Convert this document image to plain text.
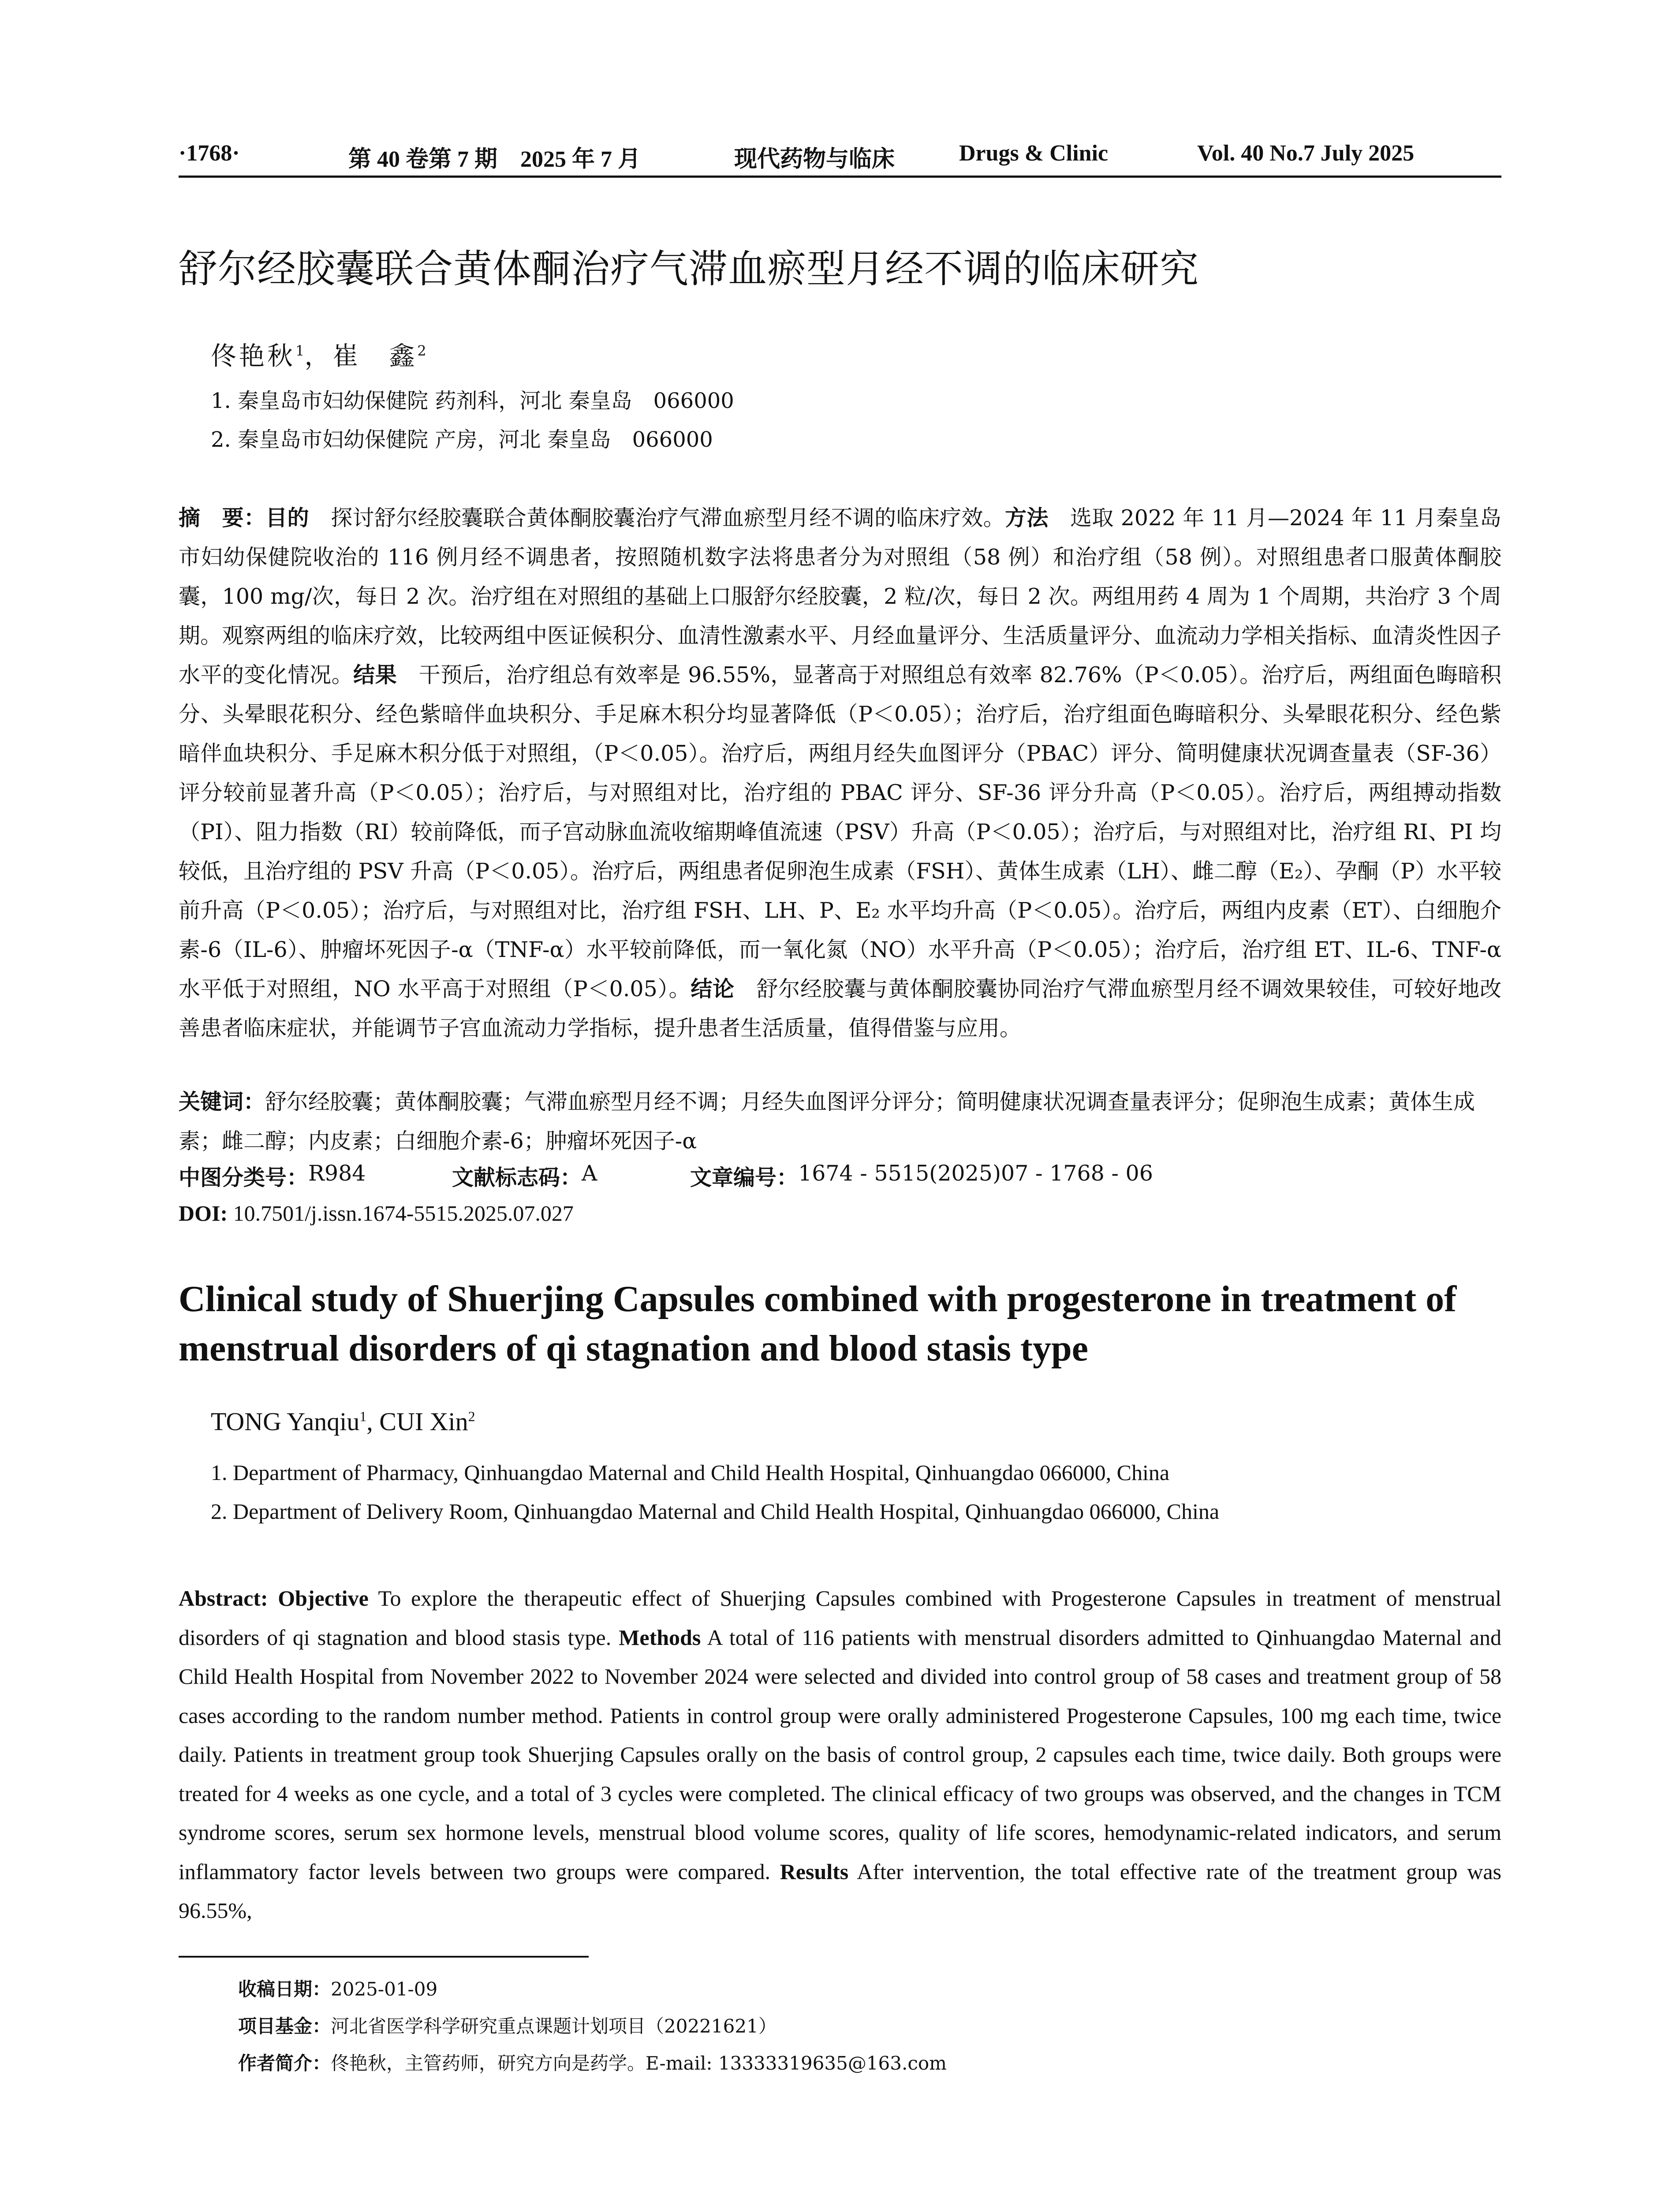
·1768·	第 40 卷第 7 期　2025 年 7 月	现代药物与临床	Drugs & Clinic	Vol. 40 No.7 July 2025
舒尔经胶囊联合黄体酮治疗气滞血瘀型月经不调的临床研究
佟艳秋$^1$，崔　鑫$^2$
1. 秦皇岛市妇幼保健院 药剂科，河北 秦皇岛　066000
2. 秦皇岛市妇幼保健院 产房，河北 秦皇岛　066000
摘　要：目的　探讨舒尔经胶囊联合黄体酮胶囊治疗气滞血瘀型月经不调的临床疗效。方法　选取 2022 年 11 月—2024 年 11 月秦皇岛市妇幼保健院收治的 116 例月经不调患者，按照随机数字法将患者分为对照组（58 例）和治疗组（58 例）。对照组患者口服黄体酮胶囊，100 mg/次，每日 2 次。治疗组在对照组的基础上口服舒尔经胶囊，2 粒/次，每日 2 次。两组用药 4 周为 1 个周期，共治疗 3 个周期。观察两组的临床疗效，比较两组中医证候积分、血清性激素水平、月经血量评分、生活质量评分、血流动力学相关指标、血清炎性因子水平的变化情况。结果　干预后，治疗组总有效率是 96.55%，显著高于对照组总有效率 82.76%（P＜0.05）。治疗后，两组面色晦暗积分、头晕眼花积分、经色紫暗伴血块积分、手足麻木积分均显著降低（P＜0.05）；治疗后，治疗组面色晦暗积分、头晕眼花积分、经色紫暗伴血块积分、手足麻木积分低于对照组，（P＜0.05）。治疗后，两组月经失血图评分（PBAC）评分、简明健康状况调查量表（SF-36）评分较前显著升高（P＜0.05）；治疗后，与对照组对比，治疗组的 PBAC 评分、SF-36 评分升高（P＜0.05）。治疗后，两组搏动指数（PI）、阻力指数（RI）较前降低，而子宫动脉血流收缩期峰值流速（PSV）升高（P＜0.05）；治疗后，与对照组对比，治疗组 RI、PI 均较低，且治疗组的 PSV 升高（P＜0.05）。治疗后，两组患者促卵泡生成素（FSH）、黄体生成素（LH）、雌二醇（E₂）、孕酮（P）水平较前升高（P＜0.05）；治疗后，与对照组对比，治疗组 FSH、LH、P、E₂ 水平均升高（P＜0.05）。治疗后，两组内皮素（ET）、白细胞介素-6（IL-6）、肿瘤坏死因子-α（TNF-α）水平较前降低，而一氧化氮（NO）水平升高（P＜0.05）；治疗后，治疗组 ET、IL-6、TNF-α 水平低于对照组，NO 水平高于对照组（P＜0.05）。结论　舒尔经胶囊与黄体酮胶囊协同治疗气滞血瘀型月经不调效果较佳，可较好地改善患者临床症状，并能调节子宫血流动力学指标，提升患者生活质量，值得借鉴与应用。
关键词：舒尔经胶囊；黄体酮胶囊；气滞血瘀型月经不调；月经失血图评分评分；简明健康状况调查量表评分；促卵泡生成素；黄体生成素；雌二醇；内皮素；白细胞介素-6；肿瘤坏死因子-α
中图分类号： R984	文献标志码： A	文章编号： 1674 - 5515(2025)07 - 1768 - 06
DOI: 10.7501/j.issn.1674-5515.2025.07.027
Clinical study of Shuerjing Capsules combined with progesterone in treatment of menstrual disorders of qi stagnation and blood stasis type
TONG Yanqiu$^1$, CUI Xin$^2$
1. Department of Pharmacy, Qinhuangdao Maternal and Child Health Hospital, Qinhuangdao 066000, China
2. Department of Delivery Room, Qinhuangdao Maternal and Child Health Hospital, Qinhuangdao 066000, China
Abstract: Objective To explore the therapeutic effect of Shuerjing Capsules combined with Progesterone Capsules in treatment of menstrual disorders of qi stagnation and blood stasis type. Methods A total of 116 patients with menstrual disorders admitted to Qinhuangdao Maternal and Child Health Hospital from November 2022 to November 2024 were selected and divided into control group of 58 cases and treatment group of 58 cases according to the random number method. Patients in control group were orally administered Progesterone Capsules, 100 mg each time, twice daily. Patients in treatment group took Shuerjing Capsules orally on the basis of control group, 2 capsules each time, twice daily. Both groups were treated for 4 weeks as one cycle, and a total of 3 cycles were completed. The clinical efficacy of two groups was observed, and the changes in TCM syndrome scores, serum sex hormone levels, menstrual blood volume scores, quality of life scores, hemodynamic-related indicators, and serum inflammatory factor levels between two groups were compared. Results After intervention, the total effective rate of the treatment group was 96.55%,
收稿日期：2025-01-09
项目基金：河北省医学科学研究重点课题计划项目（20221621）
作者简介：佟艳秋，主管药师，研究方向是药学。E-mail: 13333319635@163.com
